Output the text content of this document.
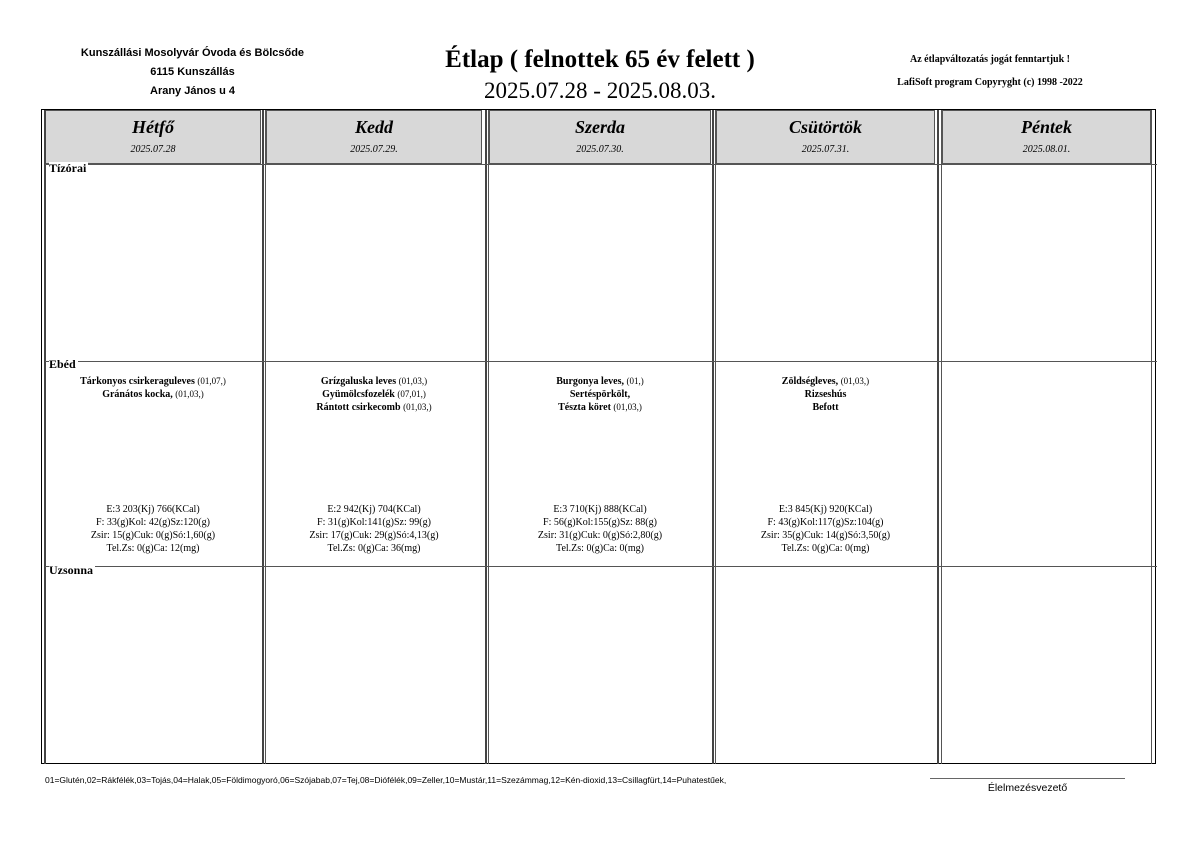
Kunszállási Mosolyvár Óvoda és Bölcsőde
6115 Kunszállás
Arany János u 4
Étlap ( felnottek 65 év felett )
2025.07.28 - 2025.08.03.
Az étlapváltozatás jogát fenntartjuk !
LafiSoft program Copyryght (c) 1998 -2022
Hétfő
2025.07.28
Kedd
2025.07.29.
Szerda
2025.07.30.
Csütörtök
2025.07.31.
Péntek
2025.08.01.
Tízórai
Ebéd
Uzsonna
Tárkonyos csirkeraguleves (01,07,)
Gránátos kocka, (01,03,)
Grízgaluska leves (01,03,)
Gyümölcsfozelék (07,01,)
Rántott csirkecomb (01,03,)
Burgonya leves, (01,)
Sertéspörkölt,
Tészta köret (01,03,)
Zöldségleves, (01,03,)
Rizseshús
Befott
E:3 203(Kj) 766(KCal)
F: 33(g)Kol: 42(g)Sz:120(g)
Zsir: 15(g)Cuk: 0(g)Só:1,60(g)
Tel.Zs: 0(g)Ca: 12(mg)
E:2 942(Kj) 704(KCal)
F: 31(g)Kol:141(g)Sz: 99(g)
Zsir: 17(g)Cuk: 29(g)Só:4,13(g)
Tel.Zs: 0(g)Ca: 36(mg)
E:3 710(Kj) 888(KCal)
F: 56(g)Kol:155(g)Sz: 88(g)
Zsir: 31(g)Cuk: 0(g)Só:2,80(g)
Tel.Zs: 0(g)Ca: 0(mg)
E:3 845(Kj) 920(KCal)
F: 43(g)Kol:117(g)Sz:104(g)
Zsir: 35(g)Cuk: 14(g)Só:3,50(g)
Tel.Zs: 0(g)Ca: 0(mg)
01=Glutén,02=Rákfélék,03=Tojás,04=Halak,05=Földimogyoró,06=Szójabab,07=Tej,08=Diófélék,09=Zeller,10=Mustár,11=Szezámmag,12=Kén-dioxid,13=Csillagfürt,14=Puhatestűek,
Élelmezésvezető
